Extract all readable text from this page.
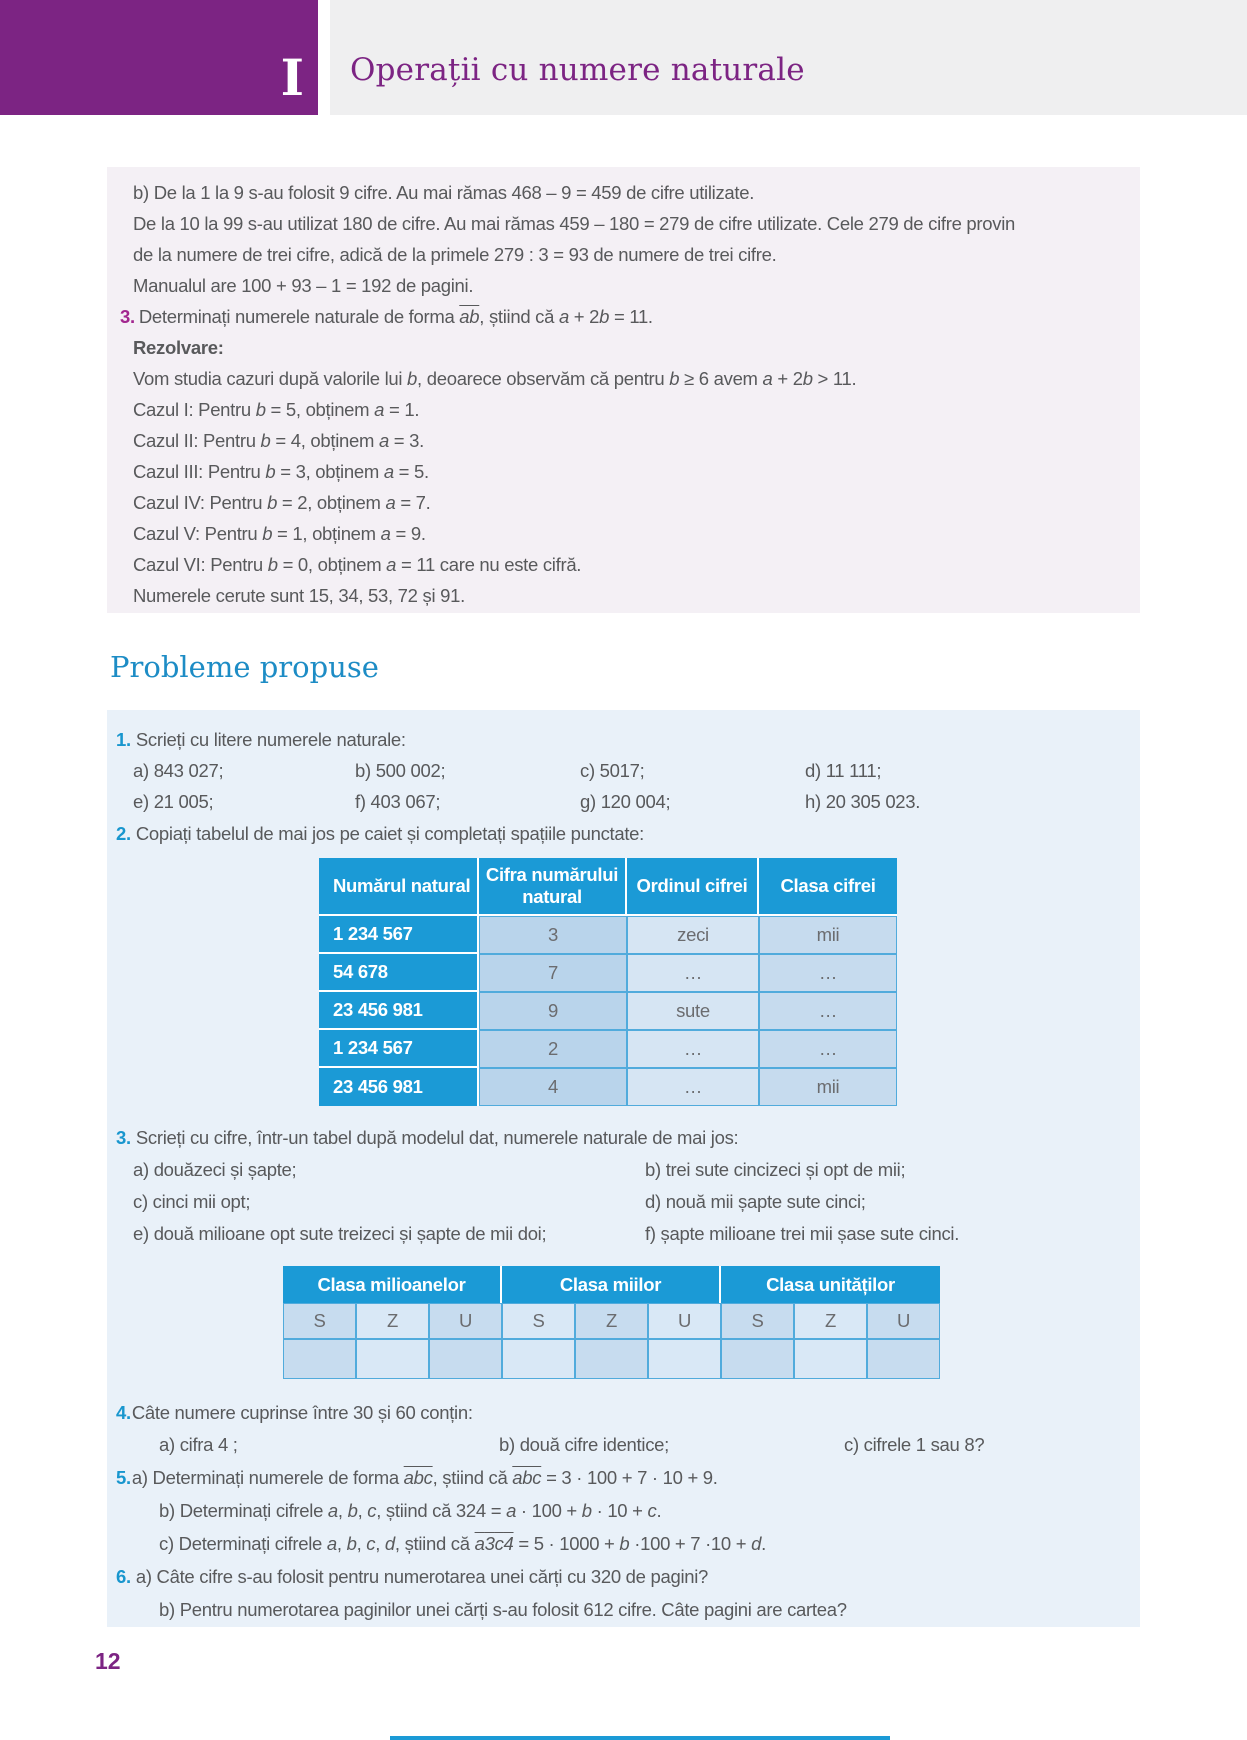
I Operații cu numere naturale

b) De la 1 la 9 s-au folosit 9 cifre. Au mai rămas 468 – 9 = 459 de cifre utilizate.

De la 10 la 99 s-au utilizat 180 de cifre. Au mai rămas 459 – 180 = 279 de cifre utilizate. Cele 279 de cifre provin

de la numere de trei cifre, adică de la primele 279 : 3 = 93 de numere de trei cifre.

Manualul are 100 + 93 – 1 = 192 de pagini.

3. Determinați numerele naturale de forma $\overline{ab}$, știind că a + 2b = 11.

Rezolvare:

Vom studia cazuri după valorile lui b, deoarece observăm că pentru b ≥ 6 avem a + 2b > 11.

Cazul I: Pentru b = 5, obținem a = 1.

Cazul II: Pentru b = 4, obținem a = 3.

Cazul III: Pentru b = 3, obținem a = 5.

Cazul IV: Pentru b = 2, obținem a = 7.

Cazul V: Pentru b = 1, obținem a = 9.

Cazul VI: Pentru b = 0, obținem a = 11 care nu este cifră.

Numerele cerute sunt 15, 34, 53, 72 și 91.

Probleme propuse

1. Scrieți cu litere numerele naturale:

a) 843 027;	b) 500 002;	c) 5017;	d) 11 111;
e) 21 005;	f) 403 067;	g) 120 004;	h) 20 305 023.

2. Copiați tabelul de mai jos pe caiet și completați spațiile punctate:

Numărul natural	Cifra numărului natural	Ordinul cifrei	Clasa cifrei
1 234 567	3	zeci	mii
54 678	7	…	…
23 456 981	9	sute	…
1 234 567	2	…	…
23 456 981	4	…	mii

3. Scrieți cu cifre, într-un tabel după modelul dat, numerele naturale de mai jos:

a) douăzeci și șapte;	b) trei sute cincizeci și opt de mii;
c) cinci mii opt;	d) nouă mii șapte sute cinci;
e) două milioane opt sute treizeci și șapte de mii doi;	f) șapte milioane trei mii șase sute cinci.
Clasa milioanelor			Clasa miilor			Clasa unităților		
S	Z	U	S	Z	U	S	Z	U

4.Câte numere cuprinse între 30 și 60 conțin:

a) cifra 4 ;	b) două cifre identice;	c) cifrele 1 sau 8?

5.a) Determinați numerele de forma $\overline{abc}$, știind că $\overline{abc} = 3 \cdot 100 + 7 \cdot 10 + 9$.

b) Determinați cifrele a, b, c, știind că 324 = a · 100 + b · 10 + c.

c) Determinați cifrele a, b, c, d, știind că a3c4 = 5 · 1000 + b ·100 + 7 ·10 + d.

6. a) Câte cifre s-au folosit pentru numerotarea unei cărți cu 320 de pagini?

b) Pentru numerotarea paginilor unei cărți s-au folosit 612 cifre. Câte pagini are cartea?

12
